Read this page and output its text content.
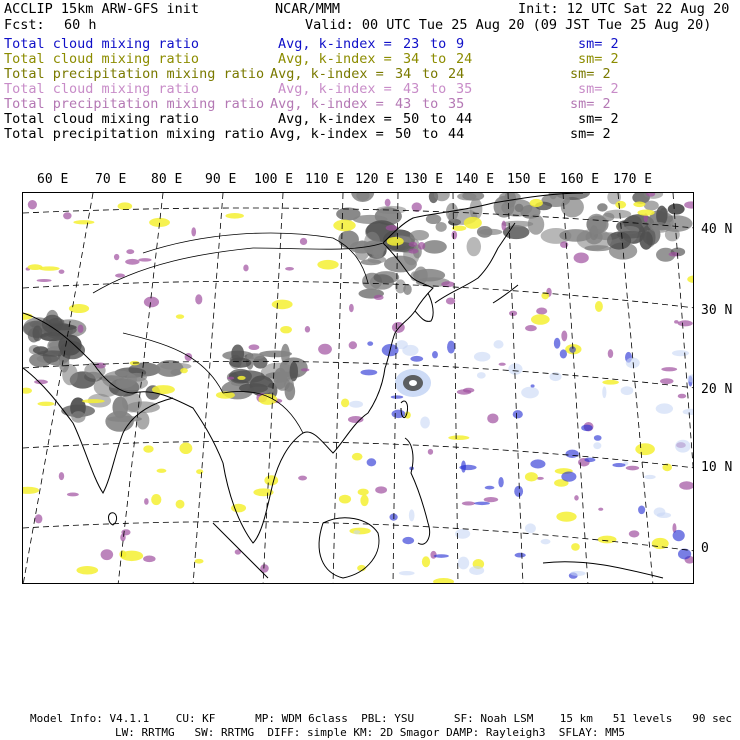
ACCLIP 15km ARW-GFS init	NCAR/MMM	Init: 12 UTC Sat 22 Aug 20
Fcst: 60 h	Valid: 00 UTC Tue 25 Aug 20 (09 JST Tue 25 Aug 20)
Total cloud mixing ratio	Avg, k-index = 23 to 9	sm= 2
Total cloud mixing ratio	Avg, k-index = 34 to 24	sm= 2
Total precipitation mixing ratio Avg, k-index = 34 to 24	sm= 2
Total cloud mixing ratio	Avg, k-index = 43 to 35	sm= 2
Total precipitation mixing ratio Avg, k-index = 43 to 35	sm= 2
Total cloud mixing ratio	Avg, k-index = 50 to 44	sm= 2
Total precipitation mixing ratio Avg, k-index = 50 to 44	sm= 2
60 E 70 E 80 E 90 E 100 E 110 E 120 E 130 E 140 E 150 E 160 E 170 E
40 N
30 N
20 N
10 N
0
Model Info: V4.1.1    CU: KF      MP: WDM 6class  PBL: YSU      SF: Noah LSM    15 km   51 levels   90 sec
LW: RRTMG   SW: RRTMG  DIFF: simple KM: 2D Smagor DAMP: Rayleigh3  SFLAY: MM5
